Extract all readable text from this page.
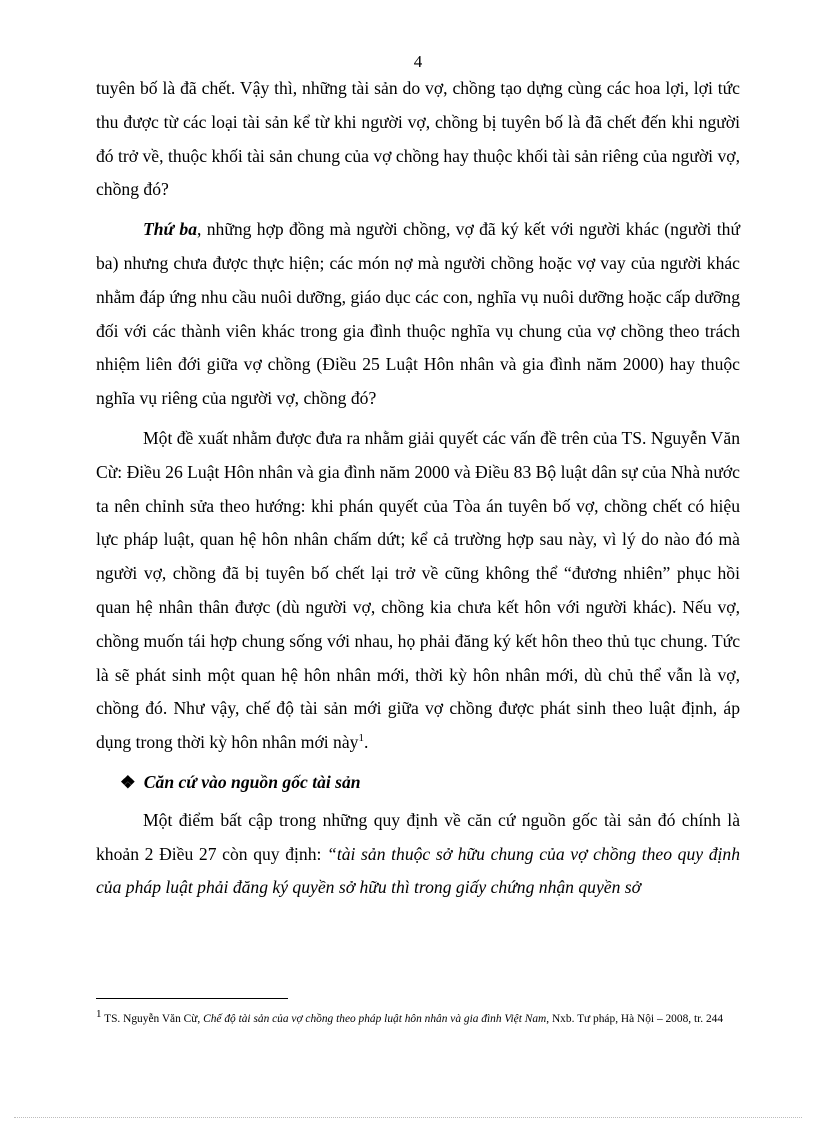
4

tuyên bố là đã chết. Vậy thì, những tài sản do vợ, chồng tạo dựng cùng các hoa lợi, lợi tức thu được từ các loại tài sản kể từ khi người vợ, chồng bị tuyên bố là đã chết đến khi người đó trở về, thuộc khối tài sản chung của vợ chồng hay thuộc khối tài sản riêng của người vợ, chồng đó?

Thứ ba, những hợp đồng mà người chồng, vợ đã ký kết với người khác (người thứ ba) nhưng chưa được thực hiện; các món nợ mà người chồng hoặc vợ vay của người khác nhằm đáp ứng nhu cầu nuôi dưỡng, giáo dục các con, nghĩa vụ nuôi dưỡng hoặc cấp dưỡng đối với các thành viên khác trong gia đình thuộc nghĩa vụ chung của vợ chồng theo trách nhiệm liên đới giữa vợ chồng (Điều 25 Luật Hôn nhân và gia đình năm 2000) hay thuộc nghĩa vụ riêng của người vợ, chồng đó?

Một đề xuất nhằm được đưa ra nhằm giải quyết các vấn đề trên của TS. Nguyễn Văn Cừ: Điều 26 Luật Hôn nhân và gia đình năm 2000 và Điều 83 Bộ luật dân sự của Nhà nước ta nên chỉnh sửa theo hướng: khi phán quyết của Tòa án tuyên bố vợ, chồng chết có hiệu lực pháp luật, quan hệ hôn nhân chấm dứt; kể cả trường hợp sau này, vì lý do nào đó mà người vợ, chồng đã bị tuyên bố chết lại trở về cũng không thể “đương nhiên” phục hồi quan hệ nhân thân được (dù người vợ, chồng kia chưa kết hôn với người khác). Nếu vợ, chồng muốn tái hợp chung sống với nhau, họ phải đăng ký kết hôn theo thủ tục chung. Tức là sẽ phát sinh một quan hệ hôn nhân mới, thời kỳ hôn nhân mới, dù chủ thể vẫn là vợ, chồng đó. Như vậy, chế độ tài sản mới giữa vợ chồng được phát sinh theo luật định, áp dụng trong thời kỳ hôn nhân mới này$^1$.

❖ Căn cứ vào nguồn gốc tài sản

Một điểm bất cập trong những quy định về căn cứ nguồn gốc tài sản đó chính là khoản 2 Điều 27 còn quy định: “tài sản thuộc sở hữu chung của vợ chồng theo quy định của pháp luật phải đăng ký quyền sở hữu thì trong giấy chứng nhận quyền sở

$^1$ TS. Nguyễn Văn Cừ, Chế độ tài sản của vợ chồng theo pháp luật hôn nhân và gia đình Việt Nam, Nxb. Tư pháp, Hà Nội – 2008, tr. 244
